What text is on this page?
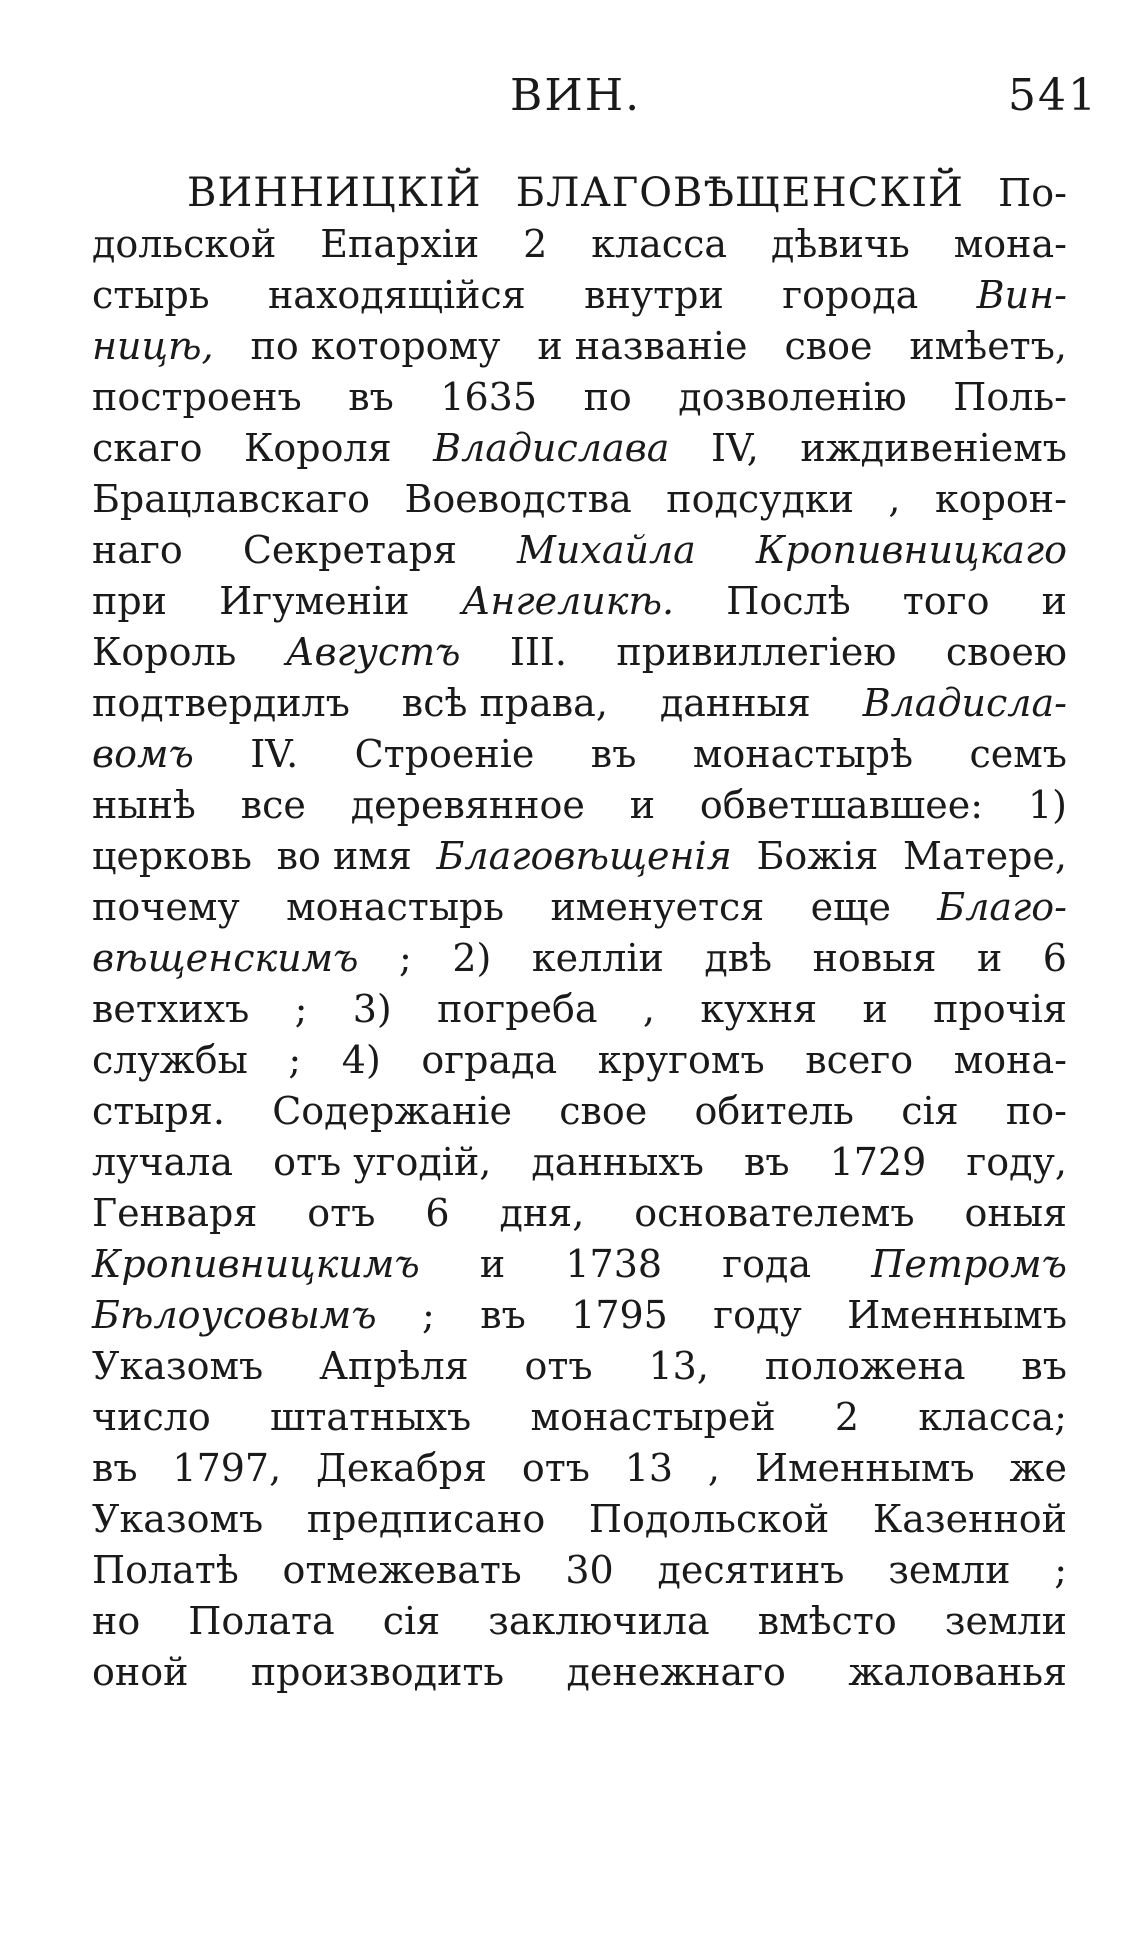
ВИН.	541
ВИННИЦКІЙ БЛАГОВѢЩЕНСКІЙ По-
дольской Епархіи 2 класса дѣвичь мона-
стырь находящійся внутри города Вин-
ницѣ, по которому и названіе свое имѣетъ,
построенъ въ 1635 по дозволенію Поль-
скаго Короля Владислава IV, иждивеніемъ
Брацлавскаго Воеводства подсудки , корон-
наго Секретаря Михайла Кропивницкаго
при Игуменіи Ангеликѣ. Послѣ того и
Король Августъ III. привиллегіею своею
подтвердилъ всѣ права, данныя Владисла-
вомъ IV. Строеніе въ монастырѣ семъ
нынѣ все деревянное и обветшавшее: 1)
церковь во имя Благовѣщенія Божія Матере,
почему монастырь именуется еще Благо-
вѣщенскимъ ; 2) келліи двѣ новыя и 6
ветхихъ ; 3) погреба , кухня и прочія
службы ; 4) ограда кругомъ всего мона-
стыря. Содержаніе свое обитель сія по-
лучала отъ угодій, данныхъ въ 1729 году,
Генваря отъ 6 дня, основателемъ оныя
Кропивницкимъ и 1738 года Петромъ
Бѣлоусовымъ ; въ 1795 году Именнымъ
Указомъ Апрѣля отъ 13, положена въ
число штатныхъ монастырей 2 класса;
въ 1797, Декабря отъ 13 , Именнымъ же
Указомъ предписано Подольской Казенной
Полатѣ отмежевать 30 десятинъ земли ;
но Полата сія заключила вмѣсто земли
оной производить денежнаго жалованья
